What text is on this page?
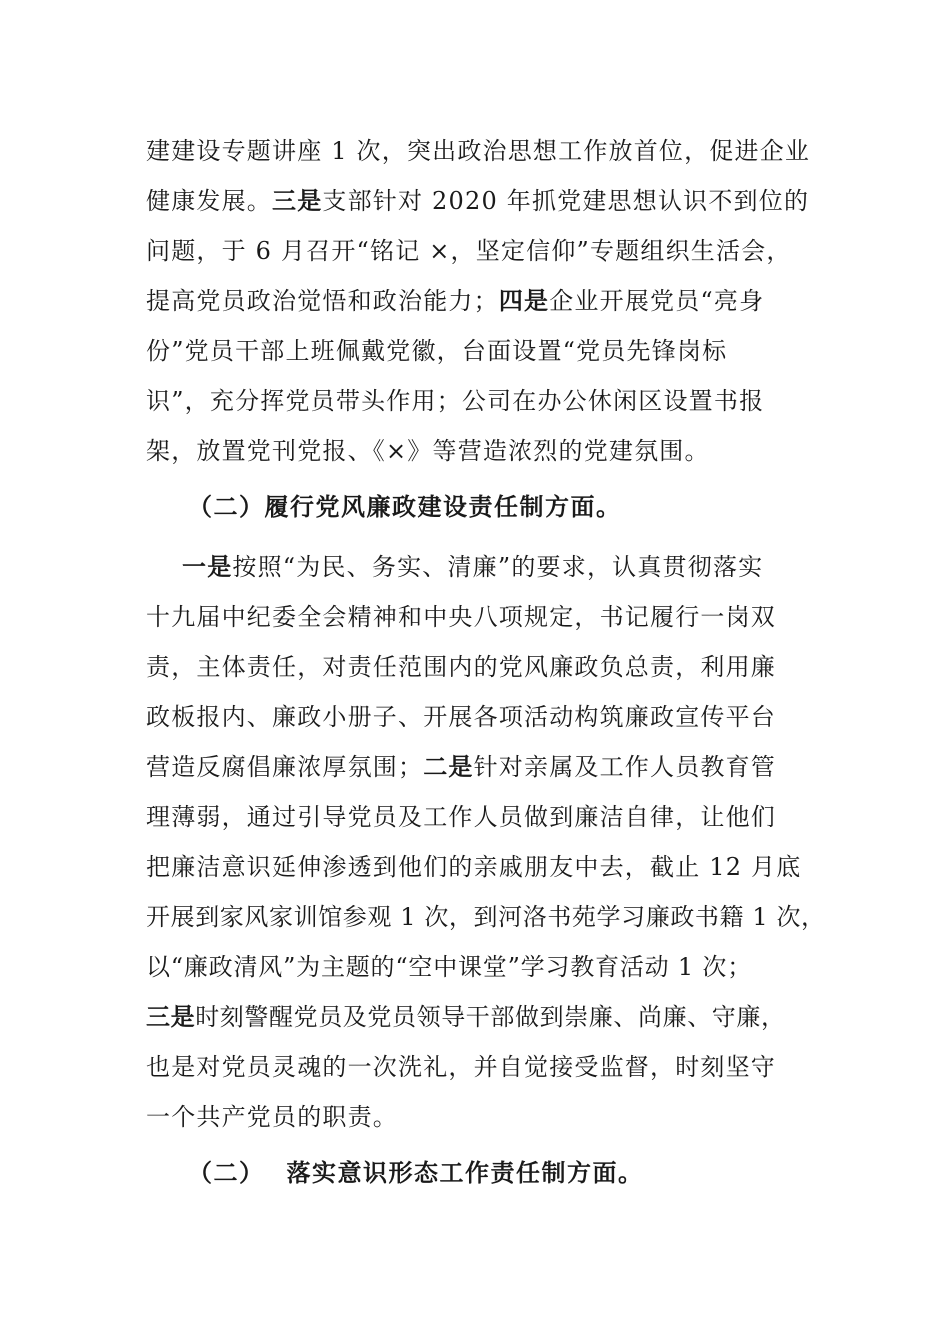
建建设专题讲座 1 次，突出政治思想工作放首位，促进企业
健康发展。三是支部针对 2020 年抓党建思想认识不到位的
问题，于 6 月召开“铭记 ×，坚定信仰”专题组织生活会，
提高党员政治觉悟和政治能力；四是企业开展党员“亮身
份”党员干部上班佩戴党徽，台面设置“党员先锋岗标
识”，充分挥党员带头作用；公司在办公休闲区设置书报
架，放置党刊党报、《×》等营造浓烈的党建氛围。
（二）履行党风廉政建设责任制方面。
一是按照“为民、务实、清廉”的要求，认真贯彻落实
十九届中纪委全会精神和中央八项规定，书记履行一岗双
责，主体责任，对责任范围内的党风廉政负总责，利用廉
政板报内、廉政小册子、开展各项活动构筑廉政宣传平台
营造反腐倡廉浓厚氛围；二是针对亲属及工作人员教育管
理薄弱，通过引导党员及工作人员做到廉洁自律，让他们
把廉洁意识延伸渗透到他们的亲戚朋友中去，截止 12 月底
开展到家风家训馆参观 1 次，到河洛书苑学习廉政书籍 1 次，
以“廉政清风”为主题的“空中课堂”学习教育活动 1 次；
三是时刻警醒党员及党员领导干部做到崇廉、尚廉、守廉，
也是对党员灵魂的一次洗礼，并自觉接受监督，时刻坚守
一个共产党员的职责。
（二） 落实意识形态工作责任制方面。
